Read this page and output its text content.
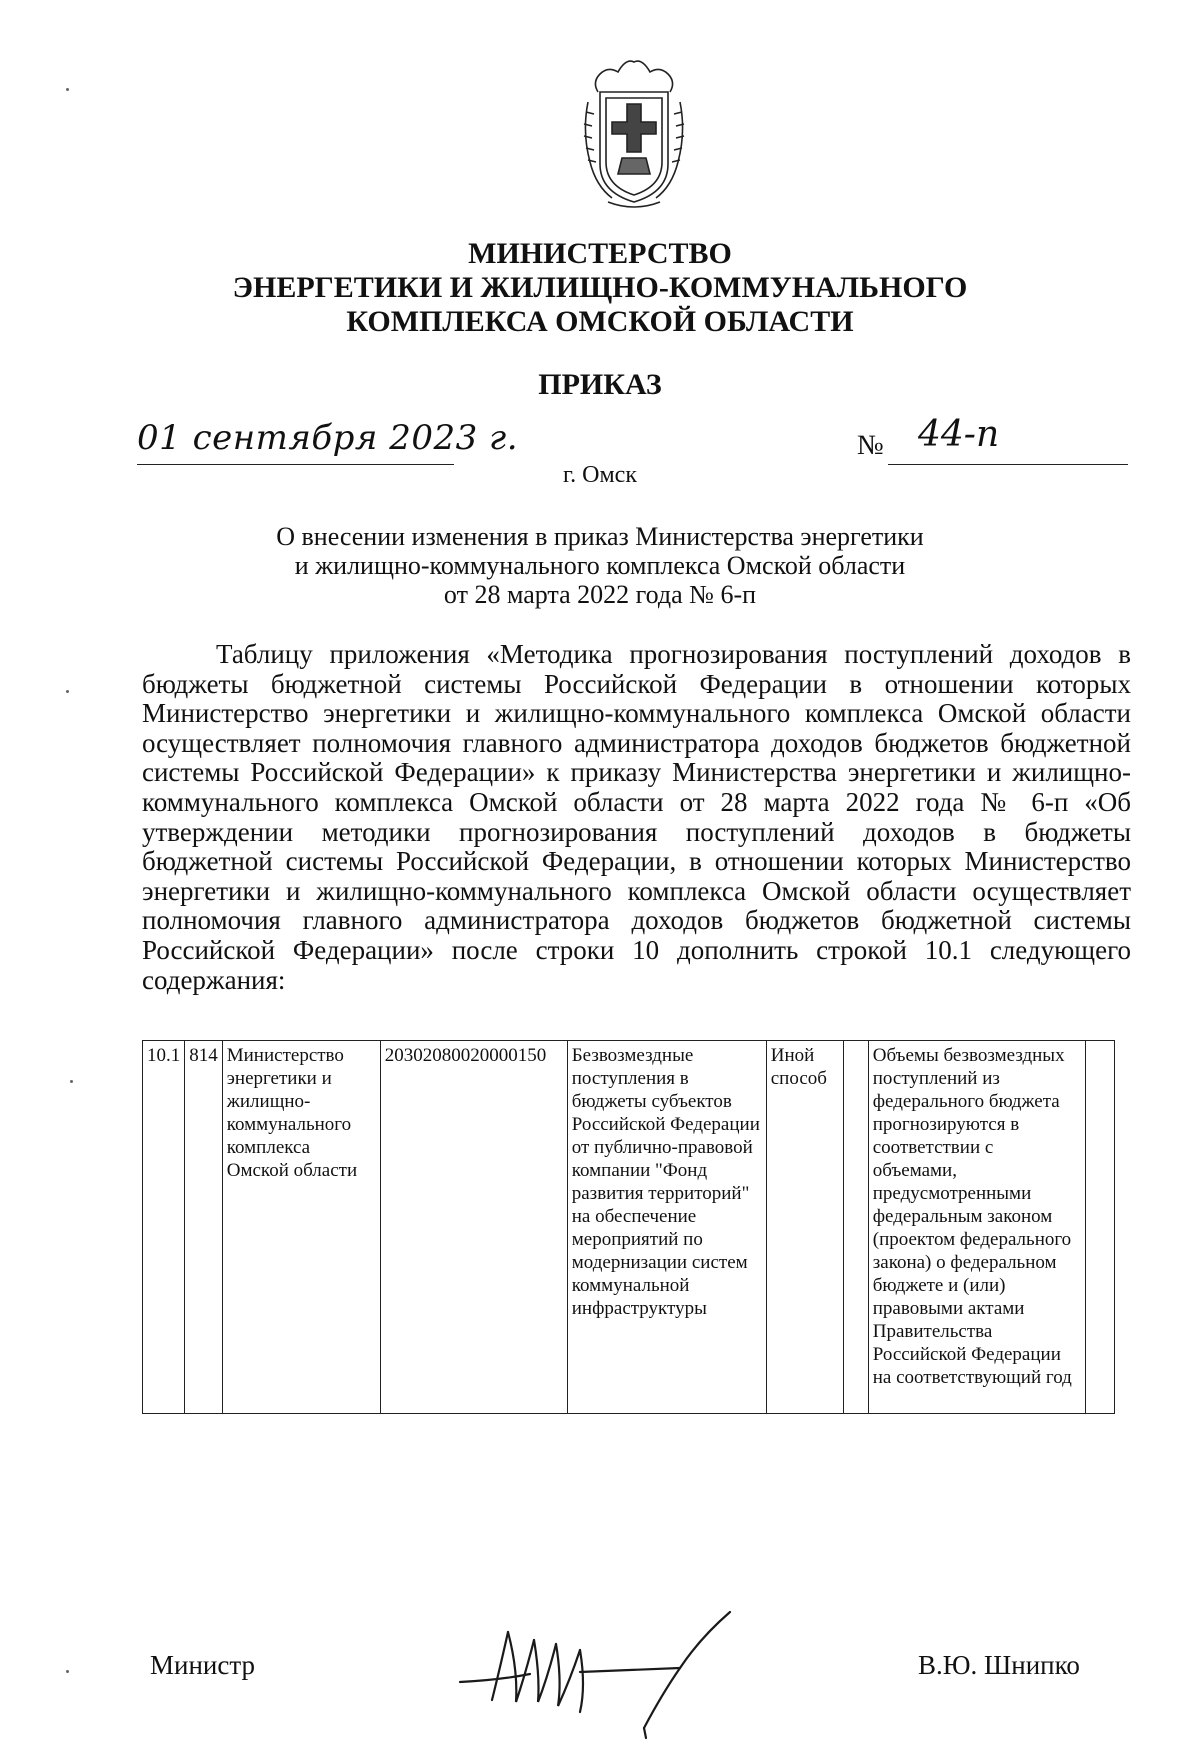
МИНИСТЕРСТВО
ЭНЕРГЕТИКИ И ЖИЛИЩНО-КОММУНАЛЬНОГО
КОМПЛЕКСА ОМСКОЙ ОБЛАСТИ
ПРИКАЗ
01 сентября 2023 г.	№ 44-п
г. Омск
О внесении изменения в приказ Министерства энергетики
и жилищно-коммунального комплекса Омской области
от 28 марта 2022 года № 6-п
Таблицу приложения «Методика прогнозирования поступлений доходов в бюджеты бюджетной системы Российской Федерации в отношении которых Министерство энергетики и жилищно-коммунального комплекса Омской области осуществляет полномочия главного администратора доходов бюджетов бюджетной системы Российской Федерации» к приказу Министерства энергетики и жилищно-коммунального комплекса Омской области от 28 марта 2022 года № 6-п «Об утверждении методики прогнозирования поступлений доходов в бюджеты бюджетной системы Российской Федерации, в отношении которых Министерство энергетики и жилищно-коммунального комплекса Омской области осуществляет полномочия главного администратора доходов бюджетов бюджетной системы Российской Федерации» после строки 10 дополнить строкой 10.1 следующего содержания:
10.1	814	Министерство энергетики и жилищно-коммунального комплекса Омской области	20302080020000150	Безвозмездные поступления в бюджеты субъектов Российской Федерации от публично-правовой компании "Фонд развития территорий" на обеспечение мероприятий по модернизации систем коммунальной инфраструктуры	Иной способ		Объемы безвозмездных поступлений из федерального бюджета прогнозируются в соответствии с объемами, предусмотренными федеральным законом (проектом федерального закона) о федеральном бюджете и (или) правовыми актами Правительства Российской Федерации на соответствующий год	
Министр	В.Ю. Шнипко
